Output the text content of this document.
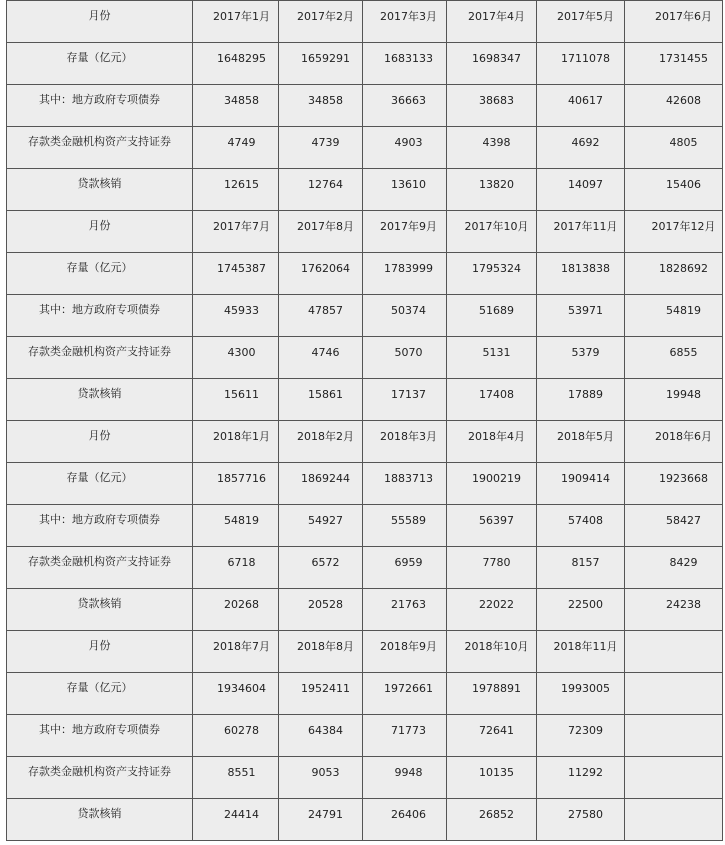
月份	2017年1月	2017年2月	2017年3月	2017年4月	2017年5月	2017年6月

存量（亿元）	1648295	1659291	1683133	1698347	1711078	1731455

其中：地方政府专项债券	34858	34858	36663	38683	40617	42608

存款类金融机构资产支持证券	4749	4739	4903	4398	4692	4805

贷款核销	12615	12764	13610	13820	14097	15406

月份	2017年7月	2017年8月	2017年9月	2017年10月	2017年11月	2017年12月

存量（亿元）	1745387	1762064	1783999	1795324	1813838	1828692

其中：地方政府专项债券	45933	47857	50374	51689	53971	54819

存款类金融机构资产支持证券	4300	4746	5070	5131	5379	6855

贷款核销	15611	15861	17137	17408	17889	19948

月份	2018年1月	2018年2月	2018年3月	2018年4月	2018年5月	2018年6月

存量（亿元）	1857716	1869244	1883713	1900219	1909414	1923668

其中：地方政府专项债券	54819	54927	55589	56397	57408	58427

存款类金融机构资产支持证券	6718	6572	6959	7780	8157	8429

贷款核销	20268	20528	21763	22022	22500	24238

月份	2018年7月	2018年8月	2018年9月	2018年10月	2018年11月	

存量（亿元）	1934604	1952411	1972661	1978891	1993005	

其中：地方政府专项债券	60278	64384	71773	72641	72309	

存款类金融机构资产支持证券	8551	9053	9948	10135	11292	

贷款核销	24414	24791	26406	26852	27580	
